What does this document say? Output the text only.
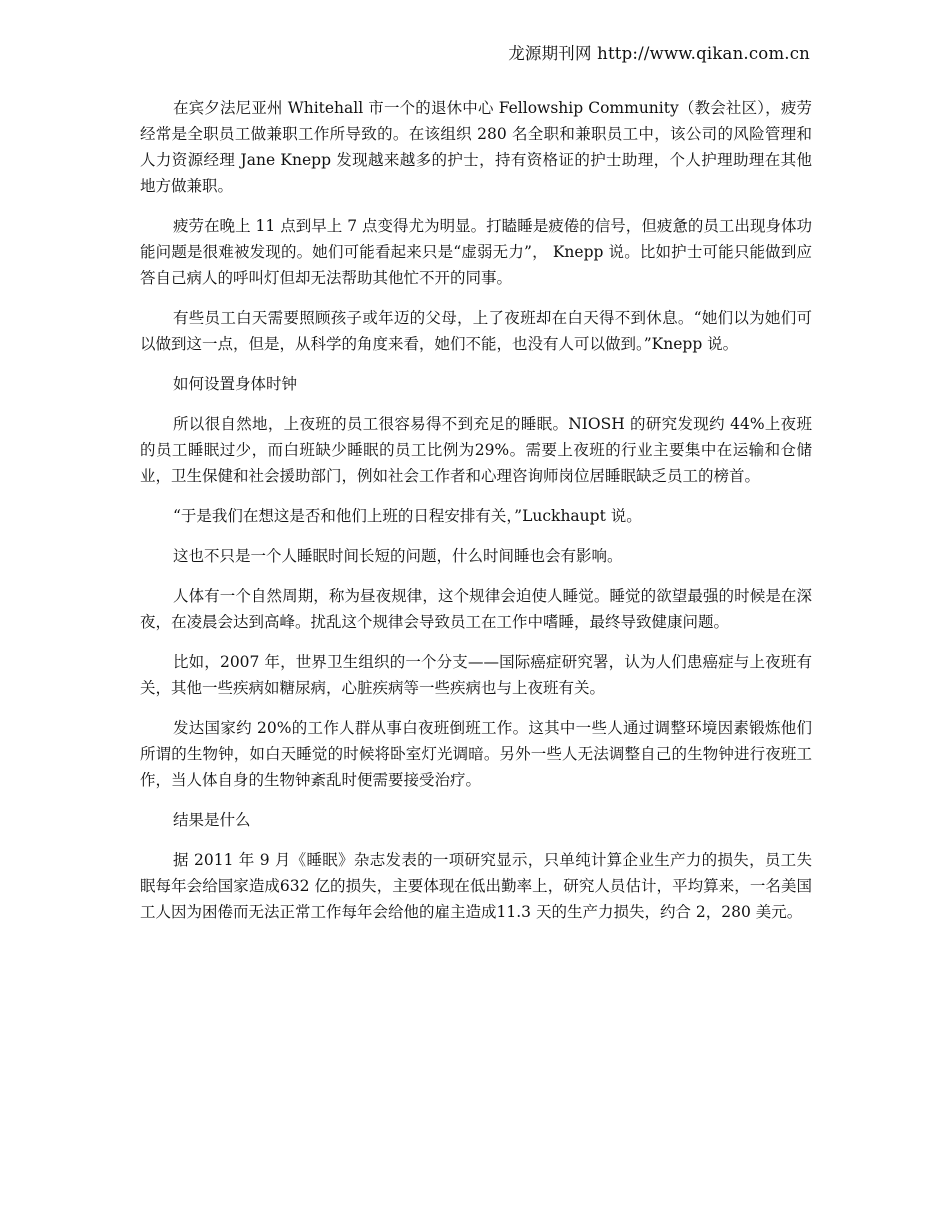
龙源期刊网 http://www.qikan.com.cn

在宾夕法尼亚州 Whitehall 市一个的退休中心 Fellowship Community（教会社区），疲劳经常是全职员工做兼职工作所导致的。在该组织 280 名全职和兼职员工中，该公司的风险管理和人力资源经理 Jane Knepp 发现越来越多的护士，持有资格证的护士助理，个人护理助理在其他地方做兼职。

疲劳在晚上 11 点到早上 7 点变得尤为明显。打瞌睡是疲倦的信号，但疲惫的员工出现身体功能问题是很难被发现的。她们可能看起来只是“虚弱无力”， Knepp 说。比如护士可能只能做到应答自己病人的呼叫灯但却无法帮助其他忙不开的同事。

有些员工白天需要照顾孩子或年迈的父母，上了夜班却在白天得不到休息。“她们以为她们可以做到这一点，但是，从科学的角度来看，她们不能，也没有人可以做到。”Knepp 说。

如何设置身体时钟

所以很自然地，上夜班的员工很容易得不到充足的睡眠。NIOSH 的研究发现约 44%上夜班的员工睡眠过少，而白班缺少睡眠的员工比例为29%。需要上夜班的行业主要集中在运输和仓储业，卫生保健和社会援助部门，例如社会工作者和心理咨询师岗位居睡眠缺乏员工的榜首。

“于是我们在想这是否和他们上班的日程安排有关，”Luckhaupt 说。

这也不只是一个人睡眠时间长短的问题，什么时间睡也会有影响。

人体有一个自然周期，称为昼夜规律，这个规律会迫使人睡觉。睡觉的欲望最强的时候是在深夜，在凌晨会达到高峰。扰乱这个规律会导致员工在工作中嗜睡，最终导致健康问题。

比如，2007 年，世界卫生组织的一个分支——国际癌症研究署，认为人们患癌症与上夜班有关，其他一些疾病如糖尿病，心脏疾病等一些疾病也与上夜班有关。

发达国家约 20%的工作人群从事白夜班倒班工作。这其中一些人通过调整环境因素锻炼他们所谓的生物钟，如白天睡觉的时候将卧室灯光调暗。另外一些人无法调整自己的生物钟进行夜班工作，当人体自身的生物钟紊乱时便需要接受治疗。

结果是什么

据 2011 年 9 月《睡眠》杂志发表的一项研究显示，只单纯计算企业生产力的损失，员工失眠每年会给国家造成632 亿的损失，主要体现在低出勤率上，研究人员估计，平均算来，一名美国工人因为困倦而无法正常工作每年会给他的雇主造成11.3 天的生产力损失，约合 2，280 美元。
